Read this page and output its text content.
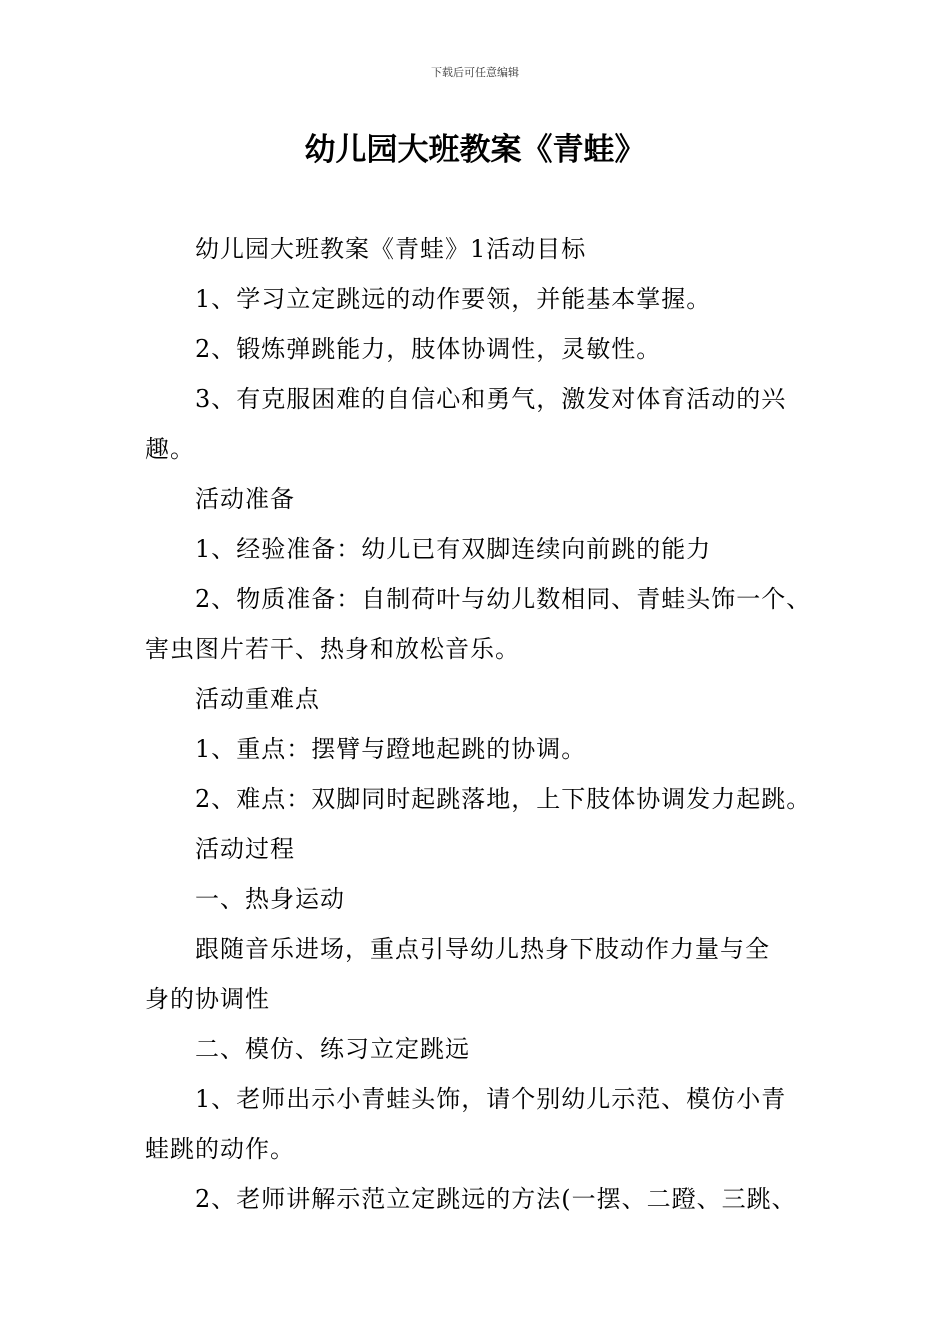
下载后可任意编辑
幼儿园大班教案《青蛙》

幼儿园大班教案《青蛙》1活动目标

1、学习立定跳远的动作要领，并能基本掌握。

2、锻炼弹跳能力，肢体协调性，灵敏性。

3、有克服困难的自信心和勇气，激发对体育活动的兴

趣。

活动准备

1、经验准备：幼儿已有双脚连续向前跳的能力

2、物质准备：自制荷叶与幼儿数相同、青蛙头饰一个、

害虫图片若干、热身和放松音乐。

活动重难点

1、重点：摆臂与蹬地起跳的协调。

2、难点：双脚同时起跳落地，上下肢体协调发力起跳。

活动过程

一、热身运动

跟随音乐进场，重点引导幼儿热身下肢动作力量与全

身的协调性

二、模仿、练习立定跳远

1、老师出示小青蛙头饰，请个别幼儿示范、模仿小青

蛙跳的动作。

2、老师讲解示范立定跳远的方法(一摆、二蹬、三跳、
